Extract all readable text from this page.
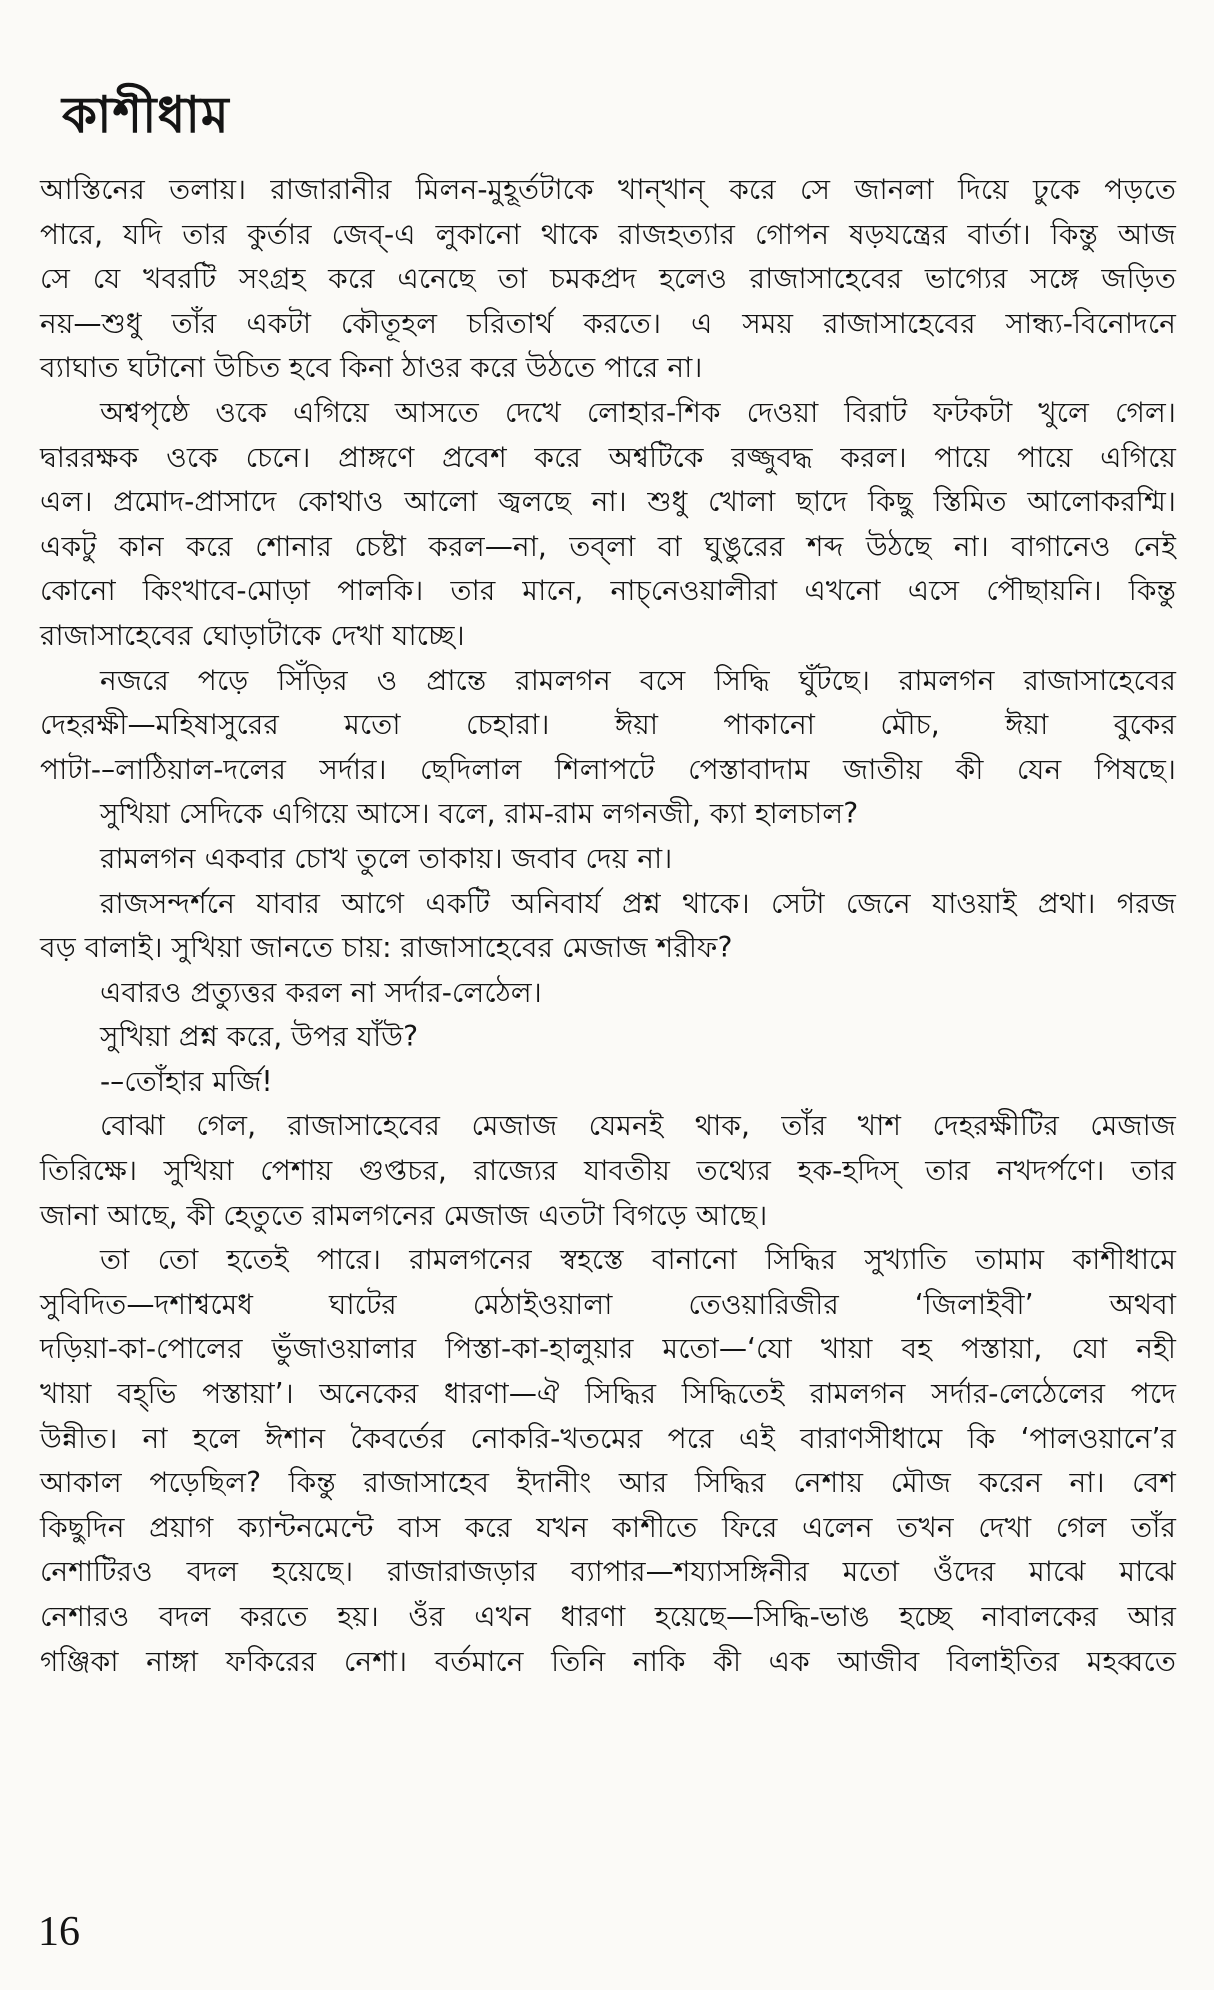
কাশীধাম

আস্তিনের তলায়। রাজারানীর মিলন-মুহূর্তটাকে খান্‌খান্‌ করে সে জানলা দিয়ে ঢুকে পড়তে

পারে, যদি তার কুর্তার জেব্‌-এ লুকানো থাকে রাজহত্যার গোপন ষড়যন্ত্রের বার্তা। কিন্তু আজ

সে যে খবরটি সংগ্রহ করে এনেছে তা চমকপ্রদ হলেও রাজাসাহেবের ভাগ্যের সঙ্গে জড়িত

নয়—শুধু তাঁর একটা কৌতূহল চরিতার্থ করতে। এ সময় রাজাসাহেবের সান্ধ্য-বিনোদনে

ব্যাঘাত ঘটানো উচিত হবে কিনা ঠাওর করে উঠতে পারে না।

অশ্বপৃষ্ঠে ওকে এগিয়ে আসতে দেখে লোহার-শিক দেওয়া বিরাট ফটকটা খুলে গেল।

দ্বাররক্ষক ওকে চেনে। প্রাঙ্গণে প্রবেশ করে অশ্বটিকে রজ্জুবদ্ধ করল। পায়ে পায়ে এগিয়ে

এল। প্রমোদ-প্রাসাদে কোথাও আলো জ্বলছে না। শুধু খোলা ছাদে কিছু স্তিমিত আলোকরশ্মি।

একটু কান করে শোনার চেষ্টা করল—না, তব্‌লা বা ঘুঙুরের শব্দ উঠছে না। বাগানেও নেই

কোনো কিংখাবে-মোড়া পালকি। তার মানে, নাচ্‌নেওয়ালীরা এখনো এসে পৌছায়নি। কিন্তু

রাজাসাহেবের ঘোড়াটাকে দেখা যাচ্ছে।

নজরে পড়ে সিঁড়ির ও প্রান্তে রামলগন বসে সিদ্ধি ঘুঁটছে। রামলগন রাজাসাহেবের

দেহরক্ষী—মহিষাসুরের মতো চেহারা। ঈয়া পাকানো মৌচ, ঈয়া বুকের

পাটা-–লাঠিয়াল-দলের সর্দার। ছেদিলাল শিলাপটে পেস্তাবাদাম জাতীয় কী যেন পিষছে।

সুখিয়া সেদিকে এগিয়ে আসে। বলে, রাম-রাম লগনজী, ক্যা হালচাল?

রামলগন একবার চোখ তুলে তাকায়। জবাব দেয় না।

রাজসন্দর্শনে যাবার আগে একটি অনিবার্য প্রশ্ন থাকে। সেটা জেনে যাওয়াই প্রথা। গরজ

বড় বালাই। সুখিয়া জানতে চায়: রাজাসাহেবের মেজাজ শরীফ?

এবারও প্রত্যুত্তর করল না সর্দার-লেঠেল।

সুখিয়া প্রশ্ন করে, উপর যাঁউ?

-–তোঁহার মর্জি!

বোঝা গেল, রাজাসাহেবের মেজাজ যেমনই থাক, তাঁর খাশ দেহরক্ষীটির মেজাজ

তিরিক্ষে। সুখিয়া পেশায় গুপ্তচর, রাজ্যের যাবতীয় তথ্যের হক-হদিস্‌ তার নখদর্পণে। তার

জানা আছে, কী হেতুতে রামলগনের মেজাজ এতটা বিগড়ে আছে।

তা তো হতেই পারে। রামলগনের স্বহস্তে বানানো সিদ্ধির সুখ্যাতি তামাম কাশীধামে

সুবিদিত—দশাশ্বমেধ ঘাটের মেঠাইওয়ালা তেওয়ারিজীর ‘জিলাইবী’ অথবা

দড়িয়া-কা-পোলের ভুঁজাওয়ালার পিস্তা-কা-হালুয়ার মতো—‘যো খায়া বহ পস্তায়া, যো নহী

খায়া বহ্‌ভি পস্তায়া’। অনেকের ধারণা—ঐ সিদ্ধির সিদ্ধিতেই রামলগন সর্দার-লেঠেলের পদে

উন্নীত। না হলে ঈশান কৈবর্তের নোকরি-খতমের পরে এই বারাণসীধামে কি ‘পালওয়ানে’র

আকাল পড়েছিল? কিন্তু রাজাসাহেব ইদানীং আর সিদ্ধির নেশায় মৌজ করেন না। বেশ

কিছুদিন প্রয়াগ ক্যান্টনমেন্টে বাস করে যখন কাশীতে ফিরে এলেন তখন দেখা গেল তাঁর

নেশাটিরও বদল হয়েছে। রাজারাজড়ার ব্যাপার—শয্যাসঙ্গিনীর মতো ওঁদের মাঝে মাঝে

নেশারও বদল করতে হয়। ওঁর এখন ধারণা হয়েছে—সিদ্ধি-ভাঙ হচ্ছে নাবালকের আর

গঞ্জিকা নাঙ্গা ফকিরের নেশা। বর্তমানে তিনি নাকি কী এক আজীব বিলাইতির মহব্বতে

16
